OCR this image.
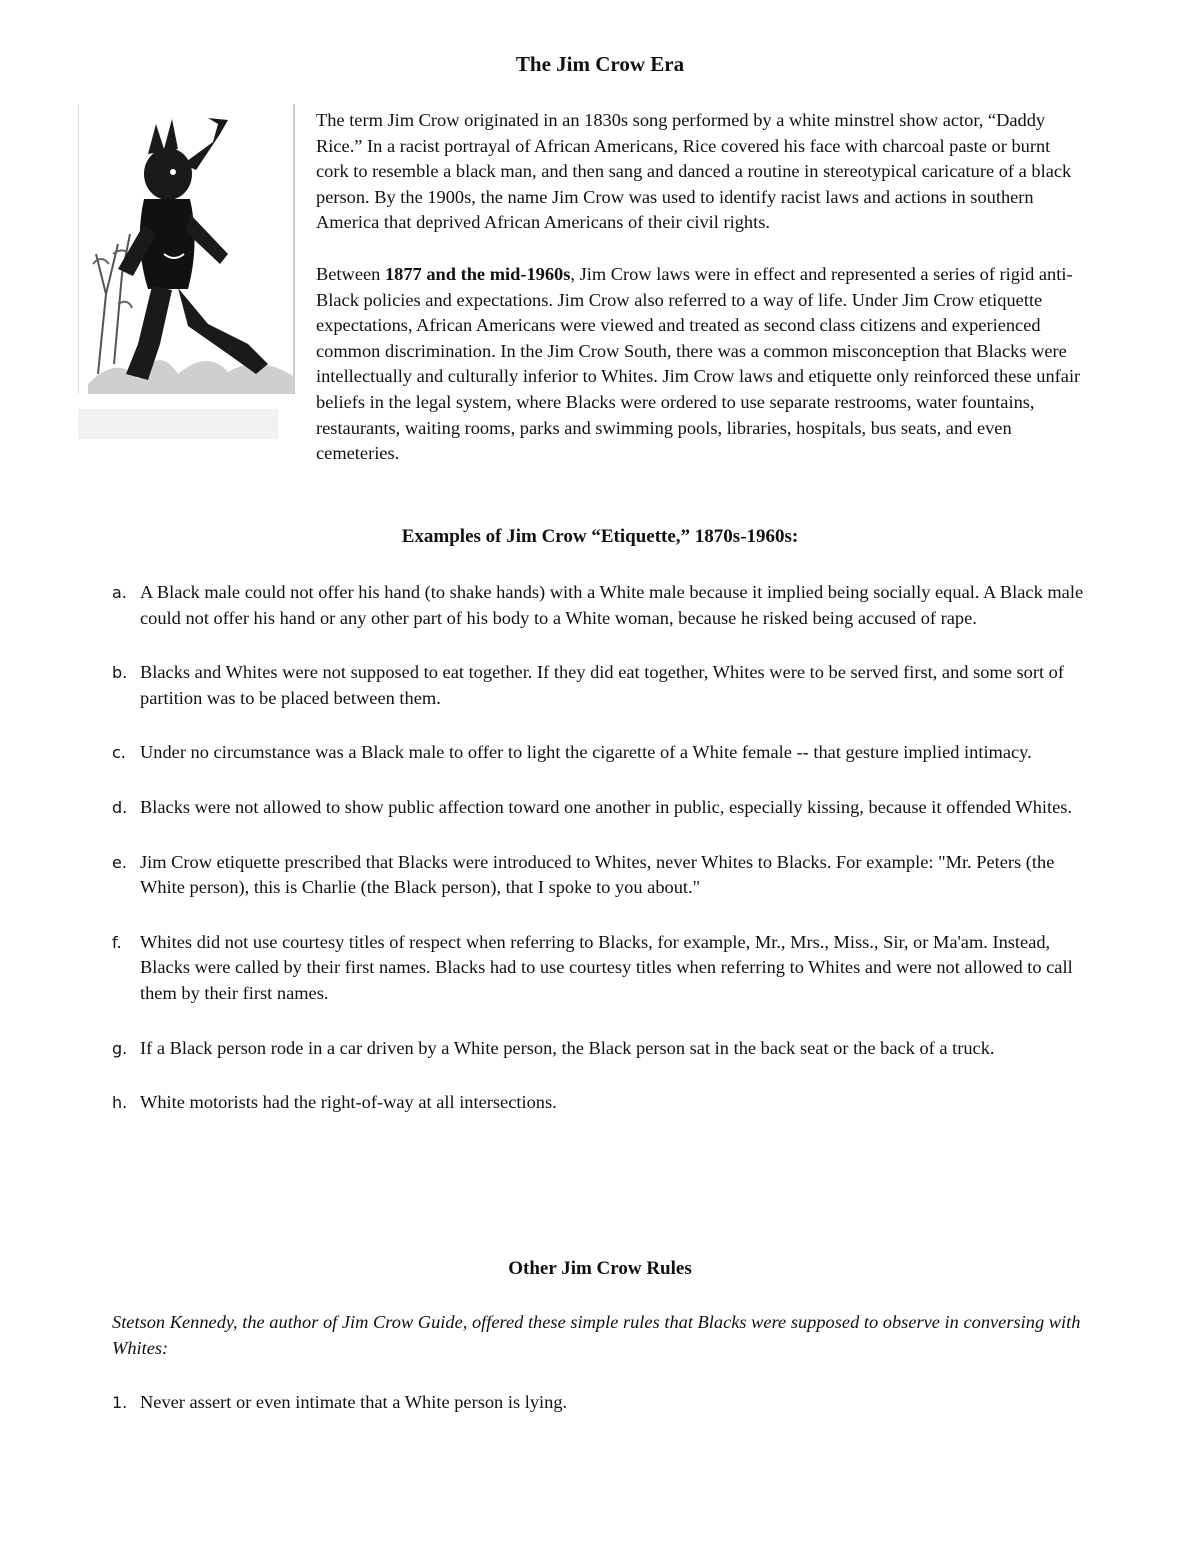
The Jim Crow Era

The term Jim Crow originated in an 1830s song performed by a white minstrel show actor, “Daddy Rice.” In a racist portrayal of African Americans, Rice covered his face with charcoal paste or burnt cork to resemble a black man, and then sang and danced a routine in stereotypical caricature of a black person. By the 1900s, the name Jim Crow was used to identify racist laws and actions in southern America that deprived African Americans of their civil rights.

Between 1877 and the mid-1960s, Jim Crow laws were in effect and represented a series of rigid anti-Black policies and expectations. Jim Crow also referred to a way of life. Under Jim Crow etiquette expectations, African Americans were viewed and treated as second class citizens and experienced common discrimination. In the Jim Crow South, there was a common misconception that Blacks were intellectually and culturally inferior to Whites. Jim Crow laws and etiquette only reinforced these unfair beliefs in the legal system, where Blacks were ordered to use separate restrooms, water fountains, restaurants, waiting rooms, parks and swimming pools, libraries, hospitals, bus seats, and even cemeteries.

Examples of Jim Crow “Etiquette,” 1870s-1960s:
a. A Black male could not offer his hand (to shake hands) with a White male because it implied being socially equal. A Black male could not offer his hand or any other part of his body to a White woman, because he risked being accused of rape.
b. Blacks and Whites were not supposed to eat together. If they did eat together, Whites were to be served first, and some sort of partition was to be placed between them.
c. Under no circumstance was a Black male to offer to light the cigarette of a White female -- that gesture implied intimacy.
d. Blacks were not allowed to show public affection toward one another in public, especially kissing, because it offended Whites.
e. Jim Crow etiquette prescribed that Blacks were introduced to Whites, never Whites to Blacks. For example: "Mr. Peters (the White person), this is Charlie (the Black person), that I spoke to you about."
f. Whites did not use courtesy titles of respect when referring to Blacks, for example, Mr., Mrs., Miss., Sir, or Ma'am. Instead, Blacks were called by their first names. Blacks had to use courtesy titles when referring to Whites and were not allowed to call them by their first names.
g. If a Black person rode in a car driven by a White person, the Black person sat in the back seat or the back of a truck.
h. White motorists had the right-of-way at all intersections.
Other Jim Crow Rules

Stetson Kennedy, the author of Jim Crow Guide, offered these simple rules that Blacks were supposed to observe in conversing with Whites:

1. Never assert or even intimate that a White person is lying.
